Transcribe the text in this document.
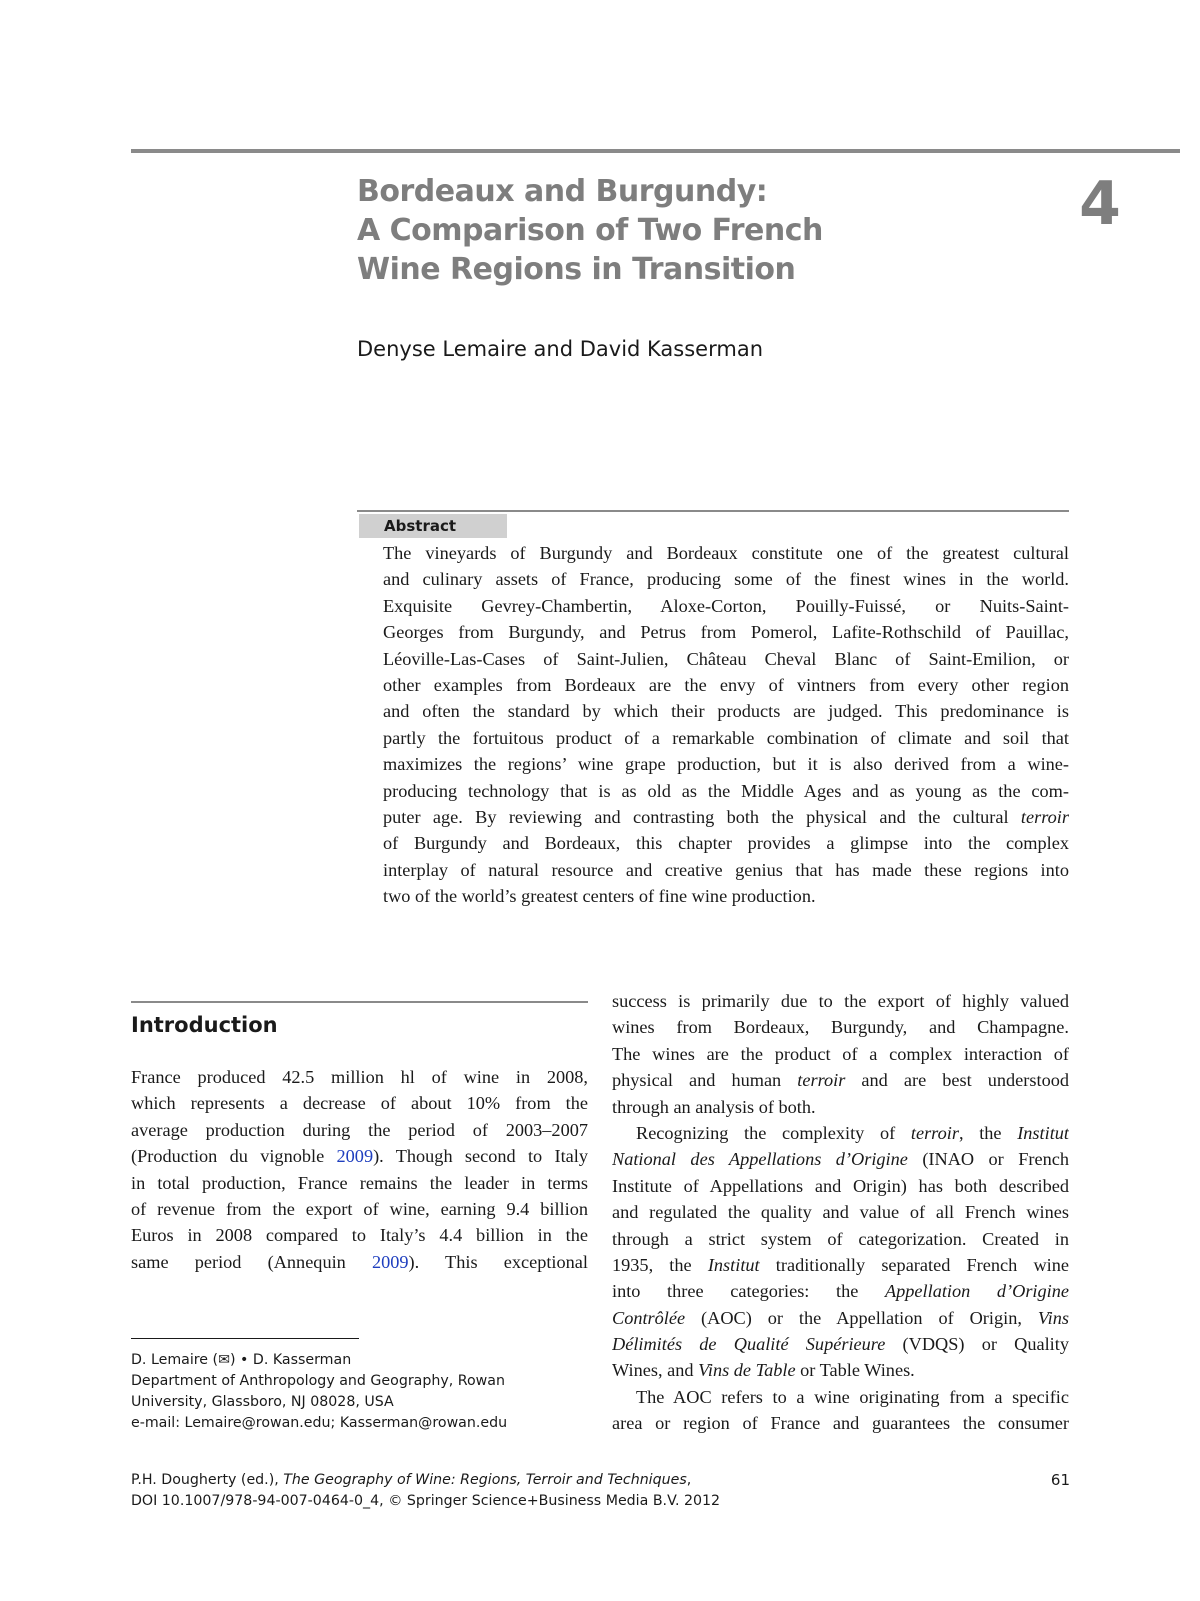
Bordeaux and Burgundy:
A Comparison of Two French
Wine Regions in Transition
4
Denyse Lemaire and David Kasserman
Abstract
The vineyards of Burgundy and Bordeaux constitute one of the greatest cultural
and culinary assets of France, producing some of the finest wines in the world.
Exquisite Gevrey-Chambertin, Aloxe-Corton, Pouilly-Fuissé, or Nuits-Saint-
Georges from Burgundy, and Petrus from Pomerol, Lafite-Rothschild of Pauillac,
Léoville-Las-Cases of Saint-Julien, Château Cheval Blanc of Saint-Emilion, or
other examples from Bordeaux are the envy of vintners from every other region
and often the standard by which their products are judged. This predominance is
partly the fortuitous product of a remarkable combination of climate and soil that
maximizes the regions’ wine grape production, but it is also derived from a wine-
producing technology that is as old as the Middle Ages and as young as the com-
puter age. By reviewing and contrasting both the physical and the cultural terroir
of Burgundy and Bordeaux, this chapter provides a glimpse into the complex
interplay of natural resource and creative genius that has made these regions into
two of the world’s greatest centers of fine wine production.
Introduction
France produced 42.5 million hl of wine in 2008,
which represents a decrease of about 10% from the
average production during the period of 2003–2007
(Production du vignoble 2009). Though second to Italy
in total production, France remains the leader in terms
of revenue from the export of wine, earning 9.4 billion
Euros in 2008 compared to Italy’s 4.4 billion in the
same period (Annequin 2009). This exceptional
success is primarily due to the export of highly valued
wines from Bordeaux, Burgundy, and Champagne.
The wines are the product of a complex interaction of
physical and human terroir and are best understood
through an analysis of both.
Recognizing the complexity of terroir, the Institut
National des Appellations d’Origine (INAO or French
Institute of Appellations and Origin) has both described
and regulated the quality and value of all French wines
through a strict system of categorization. Created in
1935, the Institut traditionally separated French wine
into three categories: the Appellation d’Origine
Contrôlée (AOC) or the Appellation of Origin, Vins
Délimités de Qualité Supérieure (VDQS) or Quality
Wines, and Vins de Table or Table Wines.
The AOC refers to a wine originating from a specific
area or region of France and guarantees the consumer
D. Lemaire (✉) • D. Kasserman
Department of Anthropology and Geography, Rowan
University, Glassboro, NJ 08028, USA
e-mail: Lemaire@rowan.edu; Kasserman@rowan.edu
P.H. Dougherty (ed.), The Geography of Wine: Regions, Terroir and Techniques,
DOI 10.1007/978-94-007-0464-0_4, © Springer Science+Business Media B.V. 2012
61
